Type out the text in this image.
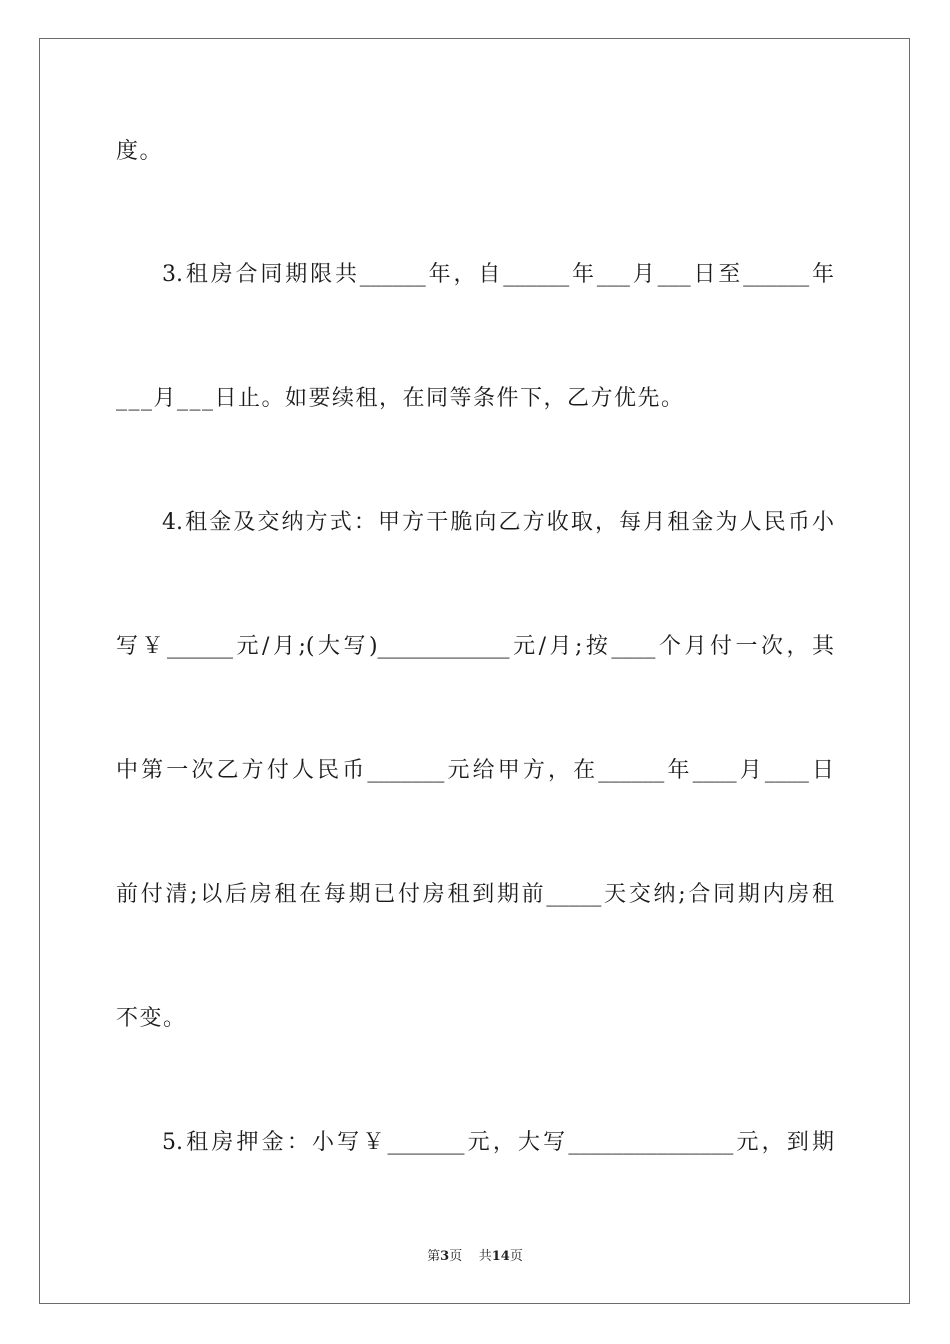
度。
3.租房合同期限共______年，自______年___月___日至______年
___月___日止。如要续租，在同等条件下，乙方优先。
4.租金及交纳方式：甲方干脆向乙方收取，每月租金为人民币小
写￥______元/月;(大写)____________元/月;按____个月付一次，其
中第一次乙方付人民币_______元给甲方，在______年____月____日
前付清;以后房租在每期已付房租到期前_____天交纳;合同期内房租
不变。
5.租房押金：小写￥_______元，大写_______________元，到期
第3页 共14页
